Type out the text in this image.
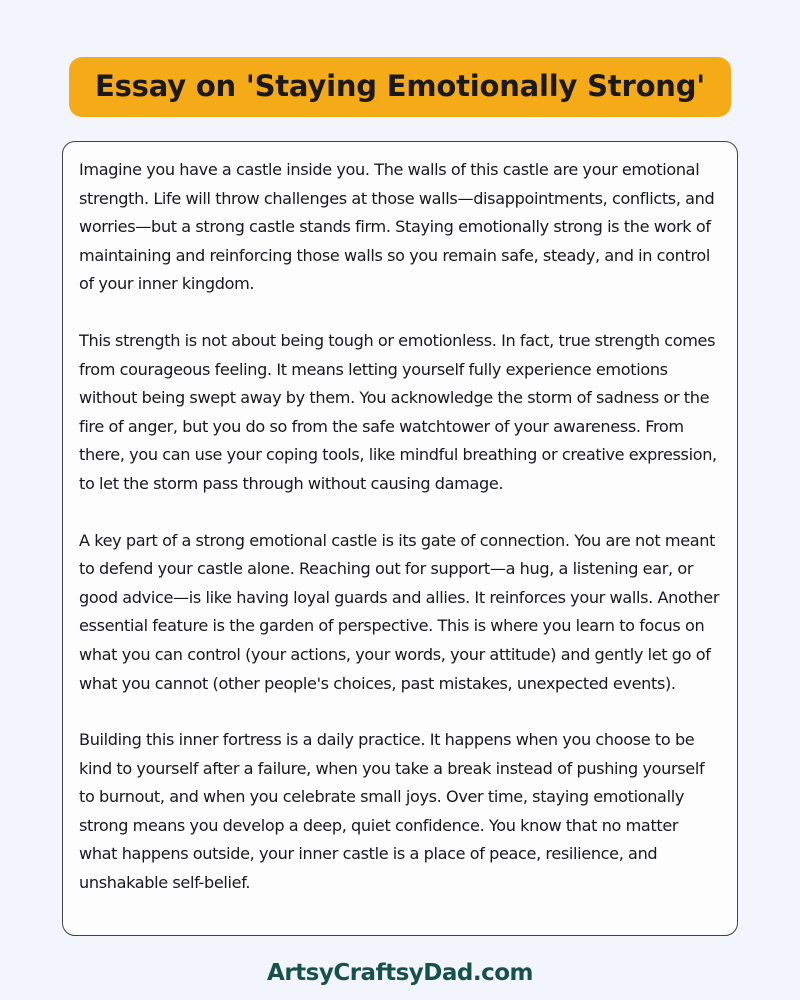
Essay on 'Staying Emotionally Strong'

Imagine you have a castle inside you. The walls of this castle are your emotional strength. Life will throw challenges at those walls—disappointments, conflicts, and worries—but a strong castle stands firm. Staying emotionally strong is the work of maintaining and reinforcing those walls so you remain safe, steady, and in control of your inner kingdom.

This strength is not about being tough or emotionless. In fact, true strength comes from courageous feeling. It means letting yourself fully experience emotions without being swept away by them. You acknowledge the storm of sadness or the fire of anger, but you do so from the safe watchtower of your awareness. From there, you can use your coping tools, like mindful breathing or creative expression, to let the storm pass through without causing damage.

A key part of a strong emotional castle is its gate of connection. You are not meant to defend your castle alone. Reaching out for support—a hug, a listening ear, or good advice—is like having loyal guards and allies. It reinforces your walls. Another essential feature is the garden of perspective. This is where you learn to focus on what you can control (your actions, your words, your attitude) and gently let go of what you cannot (other people's choices, past mistakes, unexpected events).

Building this inner fortress is a daily practice. It happens when you choose to be kind to yourself after a failure, when you take a break instead of pushing yourself to burnout, and when you celebrate small joys. Over time, staying emotionally strong means you develop a deep, quiet confidence. You know that no matter what happens outside, your inner castle is a place of peace, resilience, and unshakable self-belief.

ArtsyCraftsyDad.com
